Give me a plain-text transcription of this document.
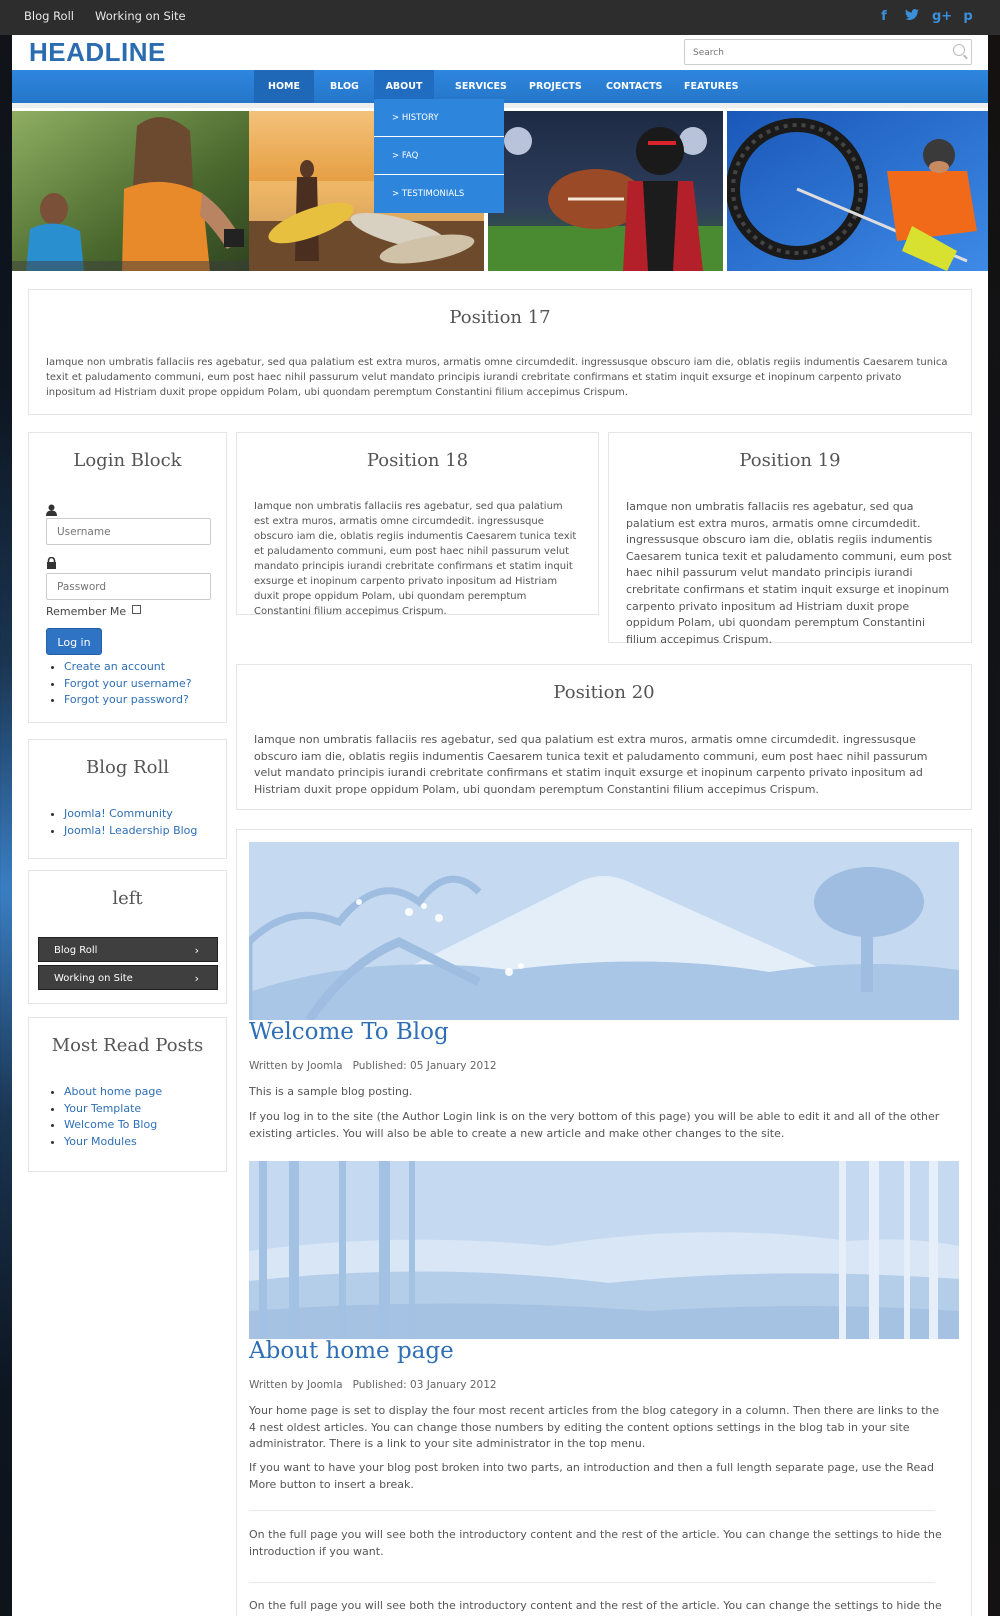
Blog Roll Working on Site	f	g+ p
HEADLINE
Search
HOME	BLOG	ABOUT	SERVICES PROJECTS	CONTACTS FEATURES
> HISTORY
> FAQ
> TESTIMONIALS
Position 17
Iamque non umbratis fallaciis res agebatur, sed qua palatium est extra muros, armatis omne circumdedit. ingressusque obscuro iam die, oblatis regiis indumentis Caesarem tunica texit et paludamento communi, eum post haec nihil passurum velut mandato principis iurandi crebritate confirmans et statim inquit exsurge et inopinum carpento privato inpositum ad Histriam duxit prope oppidum Polam, ubi quondam peremptum Constantini filium accepimus Crispum.
Login Block
Username
Remember Me
Log in
• Create an account
• Forgot your username?
• Forgot your password?
Position 18
Iamque non umbratis fallaciis res agebatur, sed qua palatium est extra muros, armatis omne circumdedit. ingressusque obscuro iam die, oblatis regiis indumentis Caesarem tunica texit et paludamento communi, eum post haec nihil passurum velut mandato principis iurandi crebritate confirmans et statim inquit exsurge et inopinum carpento privato inpositum ad Histriam duxit prope oppidum Polam, ubi quondam peremptum Constantini filium accepimus Crispum.
Position 19
Iamque non umbratis fallaciis res agebatur, sed qua palatium est extra muros, armatis omne circumdedit. ingressusque obscuro iam die, oblatis regiis indumentis Caesarem tunica texit et paludamento communi, eum post haec nihil passurum velut mandato principis iurandi crebritate confirmans et statim inquit exsurge et inopinum carpento privato inpositum ad Histriam duxit prope oppidum Polam, ubi quondam peremptum Constantini filium accepimus Crispum.
Position 20
Iamque non umbratis fallaciis res agebatur, sed qua palatium est extra muros, armatis omne circumdedit. ingressusque obscuro iam die, oblatis regiis indumentis Caesarem tunica texit et paludamento communi, eum post haec nihil passurum velut mandato principis iurandi crebritate confirmans et statim inquit exsurge et inopinum carpento privato inpositum ad Histriam duxit prope oppidum Polam, ubi quondam peremptum Constantini filium accepimus Crispum.
Blog Roll
• Joomla! Community
• Joomla! Leadership Blog
left
Blog Roll	›
Working on Site	›
Most Read Posts
• About home page
• Your Template
• Welcome To Blog
• Your Modules
Welcome To Blog
Written by Joomla Published: 05 January 2012
This is a sample blog posting.
If you log in to the site (the Author Login link is on the very bottom of this page) you will be able to edit it and all of the other existing articles. You will also be able to create a new article and make other changes to the site.
About home page
Written by Joomla Published: 03 January 2012
Your home page is set to display the four most recent articles from the blog category in a column. Then there are links to the 4 nest oldest articles. You can change those numbers by editing the content options settings in the blog tab in your site administrator. There is a link to your site administrator in the top menu.
If you want to have your blog post broken into two parts, an introduction and then a full length separate page, use the Read More button to insert a break.
On the full page you will see both the introductory content and the rest of the article. You can change the settings to hide the introduction if you want.
On the full page you will see both the introductory content and the rest of the article. You can change the settings to hide the
